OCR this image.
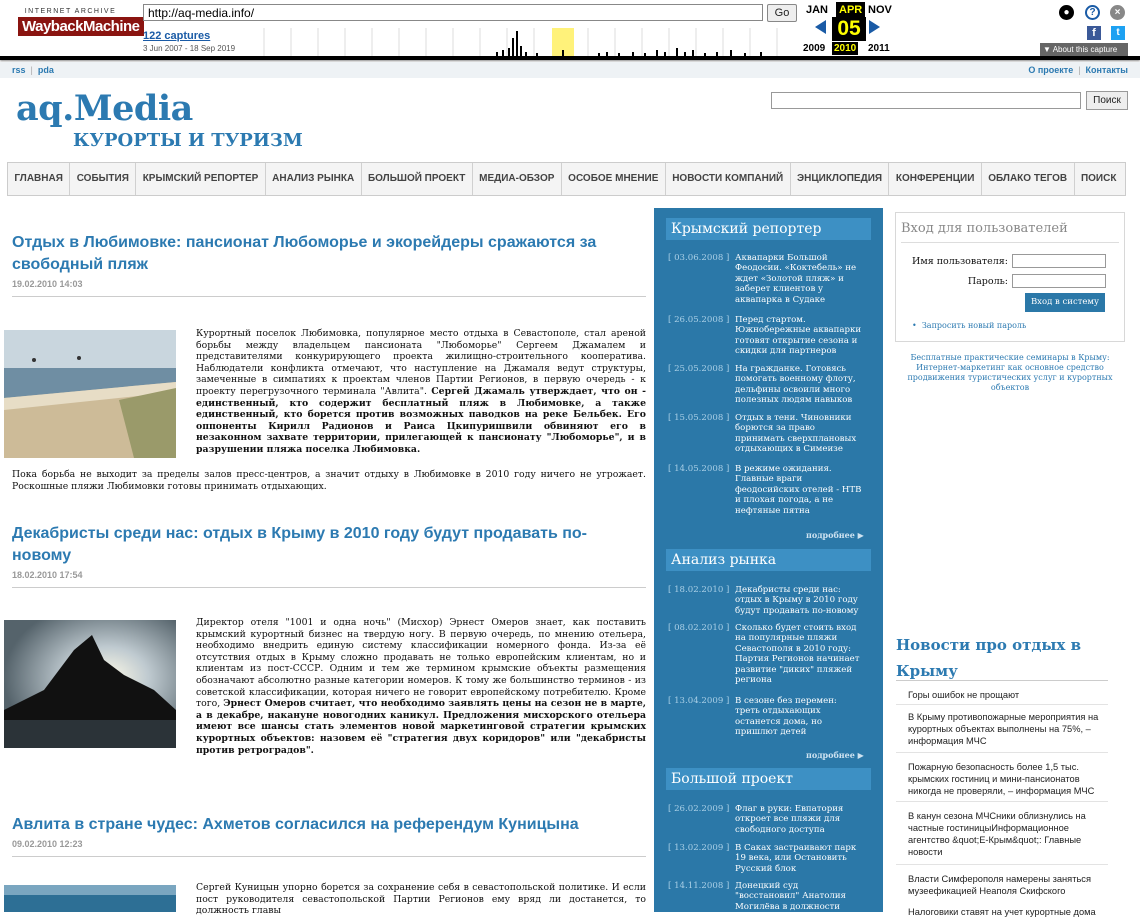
INTERNET ARCHIVE
WaybackMachine
http://aq-media.info/	Go
122 captures
3 Jun 2007 - 18 Sep 2019
JAN APR NOV
05
2009 2010 2011
●	?	×
f	t
▼ About this capture
rss | pda	О проекте | Контакты
aq.Media
КУРОРТЫ И ТУРИЗМ
Поиск
ГЛАВНАЯ	СОБЫТИЯ	КРЫМСКИЙ РЕПОРТЕР	АНАЛИЗ РЫНКА	БОЛЬШОЙ ПРОЕКТ	МЕДИА-ОБЗОР	ОСОБОЕ МНЕНИЕ	НОВОСТИ КОМПАНИЙ	ЭНЦИКЛОПЕДИЯ	КОНФЕРЕНЦИИ	ОБЛАКО ТЕГОВ	ПОИСК
Отдых в Любимовке: пансионат Любоморье и экорейдеры сражаются за свободный пляж
19.02.2010 14:03
Курортный поселок Любимовка, популярное место отдыха в Севастополе, стал ареной борьбы между владельцем пансионата "Любоморье" Сергеем Джамалем и представителями конкурирующего проекта жилищно-строительного кооператива. Наблюдатели конфликта отмечают, что наступление на Джамаля ведут структуры, замеченные в симпатиях к проектам членов Партии Регионов, в первую очередь - к проекту перегрузочного терминала "Авлита". Сергей Джамаль утверждает, что он - единственный, кто содержит бесплатный пляж в Любимовке, а также единственный, кто борется против возможных паводков на реке Бельбек. Его оппоненты Кирилл Радионов и Раиса Цкипуришвили обвиняют его в незаконном захвате территории, прилегающей к пансионату "Любоморье", и в разрушении пляжа поселка Любимовка.
Пока борьба не выходит за пределы залов пресс-центров, а значит отдыху в Любимовке в 2010 году ничего не угрожает. Роскошные пляжи Любимовки готовы принимать отдыхающих.
Декабристы среди нас: отдых в Крыму в 2010 году будут продавать по-новому
18.02.2010 17:54
Директор отеля "1001 и одна ночь" (Мисхор) Эрнест Омеров знает, как поставить крымский курортный бизнес на твердую ногу. В первую очередь, по мнению отельера, необходимо внедрить единую систему классификации номерного фонда. Из-за её отсутствия отдых в Крыму сложно продавать не только европейским клиентам, но и клиентам из пост-СССР. Одним и тем же термином крымские объекты размещения обозначают абсолютно разные категории номеров. К тому же большинство терминов - из советской классификации, которая ничего не говорит европейскому потребителю. Кроме того, Эрнест Омеров считает, что необходимо заявлять цены на сезон не в марте, а в декабре, накануне новогодних каникул. Предложения мисхорского отельера имеют все шансы стать элементов новой маркетинговой стратегии крымских курортных объектов: назовем её "стратегия двух коридоров" или "декабристы против ретроградов".
Авлита в стране чудес: Ахметов согласился на референдум Куницына
09.02.2010 12:23
Сергей Куницын упорно борется за сохранение себя в севастопольской политике. И если пост руководителя севастопольской Партии Регионов ему вряд ли достанется, то должность главы
Крымский репортер
[ 03.06.2008 ] Аквапарки Большой Феодосии. «Коктебель» не ждет «Золотой пляж» и заберет клиентов у аквапарка в Судаке
[ 26.05.2008 ] Перед стартом. Южнобережные аквапарки готовят открытие сезона и скидки для партнеров
[ 25.05.2008 ] На гражданке. Готовясь помогать военному флоту, дельфины освоили много полезных людям навыков
[ 15.05.2008 ] Отдых в тени. Чиновники борются за право принимать сверхплановых отдыхающих в Симеизе
[ 14.05.2008 ] В режиме ожидания. Главные враги феодосийских отелей - НТВ и плохая погода, а не нефтяные пятна
подробнее ▶
Анализ рынка
[ 18.02.2010 ] Декабристы среди нас: отдых в Крыму в 2010 году будут продавать по-новому
[ 08.02.2010 ] Сколько будет стоить вход на популярные пляжи Севастополя в 2010 году: Партия Регионов начинает развитие "диких" пляжей региона
[ 13.04.2009 ] В сезоне без перемен: треть отдыхающих останется дома, но пришлют детей
подробнее ▶
Большой проект
[ 26.02.2009 ] Флаг в руки: Евпатория откроет все пляжи для свободного доступа
[ 13.02.2009 ] В Саках застраивают парк 19 века, или Остановить Русский блок
[ 14.11.2008 ] Донецкий суд "восстановил" Анатолия Могилёва в должности
Вход для пользователей
Имя пользователя:
Пароль:
Вход в систему
•  Запросить новый пароль
Бесплатные практические семинары в Крыму: Интернет-маркетинг как основное средство продвижения туристических услуг и курортных объектов
Новости про отдых в Крыму
Горы ошибок не прощают
В Крыму противопожарные мероприятия на курортных объектах выполнены на 75%, – информация МЧС
Пожарную безопасность более 1,5 тыс. крымских гостиниц и мини-пансионатов никогда не проверяли, – информация МЧС
В канун сезона МЧСники облизнулись на частные гостиницыИнформационное агентство &quot;Е-Крым&quot;: Главные новости
Власти Симферополя намерены заняться музеефикацией Неаполя Скифского
Налоговики ставят на учет курортные дома
